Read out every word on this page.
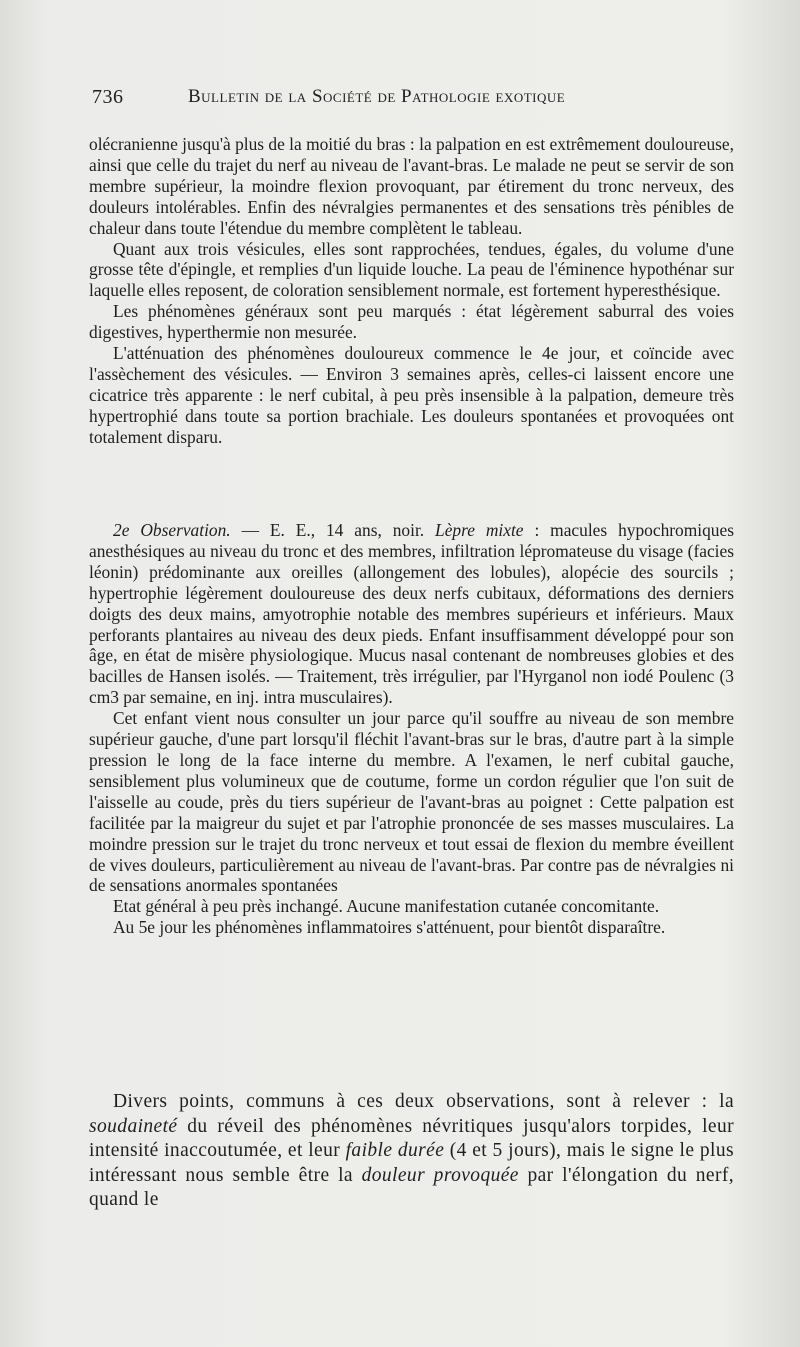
736	Bulletin de la Société de Pathologie exotique

olécranienne jusqu'à plus de la moitié du bras : la palpation en est extrêmement douloureuse, ainsi que celle du trajet du nerf au niveau de l'avant-bras. Le malade ne peut se servir de son membre supérieur, la moindre flexion provoquant, par étirement du tronc nerveux, des douleurs intolérables. Enfin des névralgies permanentes et des sensations très pénibles de chaleur dans toute l'étendue du membre complètent le tableau.

Quant aux trois vésicules, elles sont rapprochées, tendues, égales, du volume d'une grosse tête d'épingle, et remplies d'un liquide louche. La peau de l'éminence hypothénar sur laquelle elles reposent, de coloration sensiblement normale, est fortement hyperesthésique.

Les phénomènes généraux sont peu marqués : état légèrement saburral des voies digestives, hyperthermie non mesurée.

L'atténuation des phénomènes douloureux commence le 4e jour, et coïncide avec l'assèchement des vésicules. — Environ 3 semaines après, celles-ci laissent encore une cicatrice très apparente : le nerf cubital, à peu près insensible à la palpation, demeure très hypertrophié dans toute sa portion brachiale. Les douleurs spontanées et provoquées ont totalement disparu.

2e Observation. — E. E., 14 ans, noir. Lèpre mixte : macules hypochromiques anesthésiques au niveau du tronc et des membres, infiltration lépromateuse du visage (facies léonin) prédominante aux oreilles (allongement des lobules), alopécie des sourcils ; hypertrophie légèrement douloureuse des deux nerfs cubitaux, déformations des derniers doigts des deux mains, amyotrophie notable des membres supérieurs et inférieurs. Maux perforants plantaires au niveau des deux pieds. Enfant insuffisamment développé pour son âge, en état de misère physiologique. Mucus nasal contenant de nombreuses globies et des bacilles de Hansen isolés. — Traitement, très irrégulier, par l'Hyrganol non iodé Poulenc (3 cm3 par semaine, en inj. intra musculaires).

Cet enfant vient nous consulter un jour parce qu'il souffre au niveau de son membre supérieur gauche, d'une part lorsqu'il fléchit l'avant-bras sur le bras, d'autre part à la simple pression le long de la face interne du membre. A l'examen, le nerf cubital gauche, sensiblement plus volumineux que de coutume, forme un cordon régulier que l'on suit de l'aisselle au coude, près du tiers supérieur de l'avant-bras au poignet : Cette palpation est facilitée par la maigreur du sujet et par l'atrophie prononcée de ses masses musculaires. La moindre pression sur le trajet du tronc nerveux et tout essai de flexion du membre éveillent de vives douleurs, particulièrement au niveau de l'avant-bras. Par contre pas de névralgies ni de sensations anormales spontanées

Etat général à peu près inchangé. Aucune manifestation cutanée concomitante.

Au 5e jour les phénomènes inflammatoires s'atténuent, pour bientôt disparaître.

Divers points, communs à ces deux observations, sont à relever : la soudaineté du réveil des phénomènes névritiques jusqu'alors torpides, leur intensité inaccoutumée, et leur faible durée (4 et 5 jours), mais le signe le plus intéressant nous semble être la douleur provoquée par l'élongation du nerf, quand le
